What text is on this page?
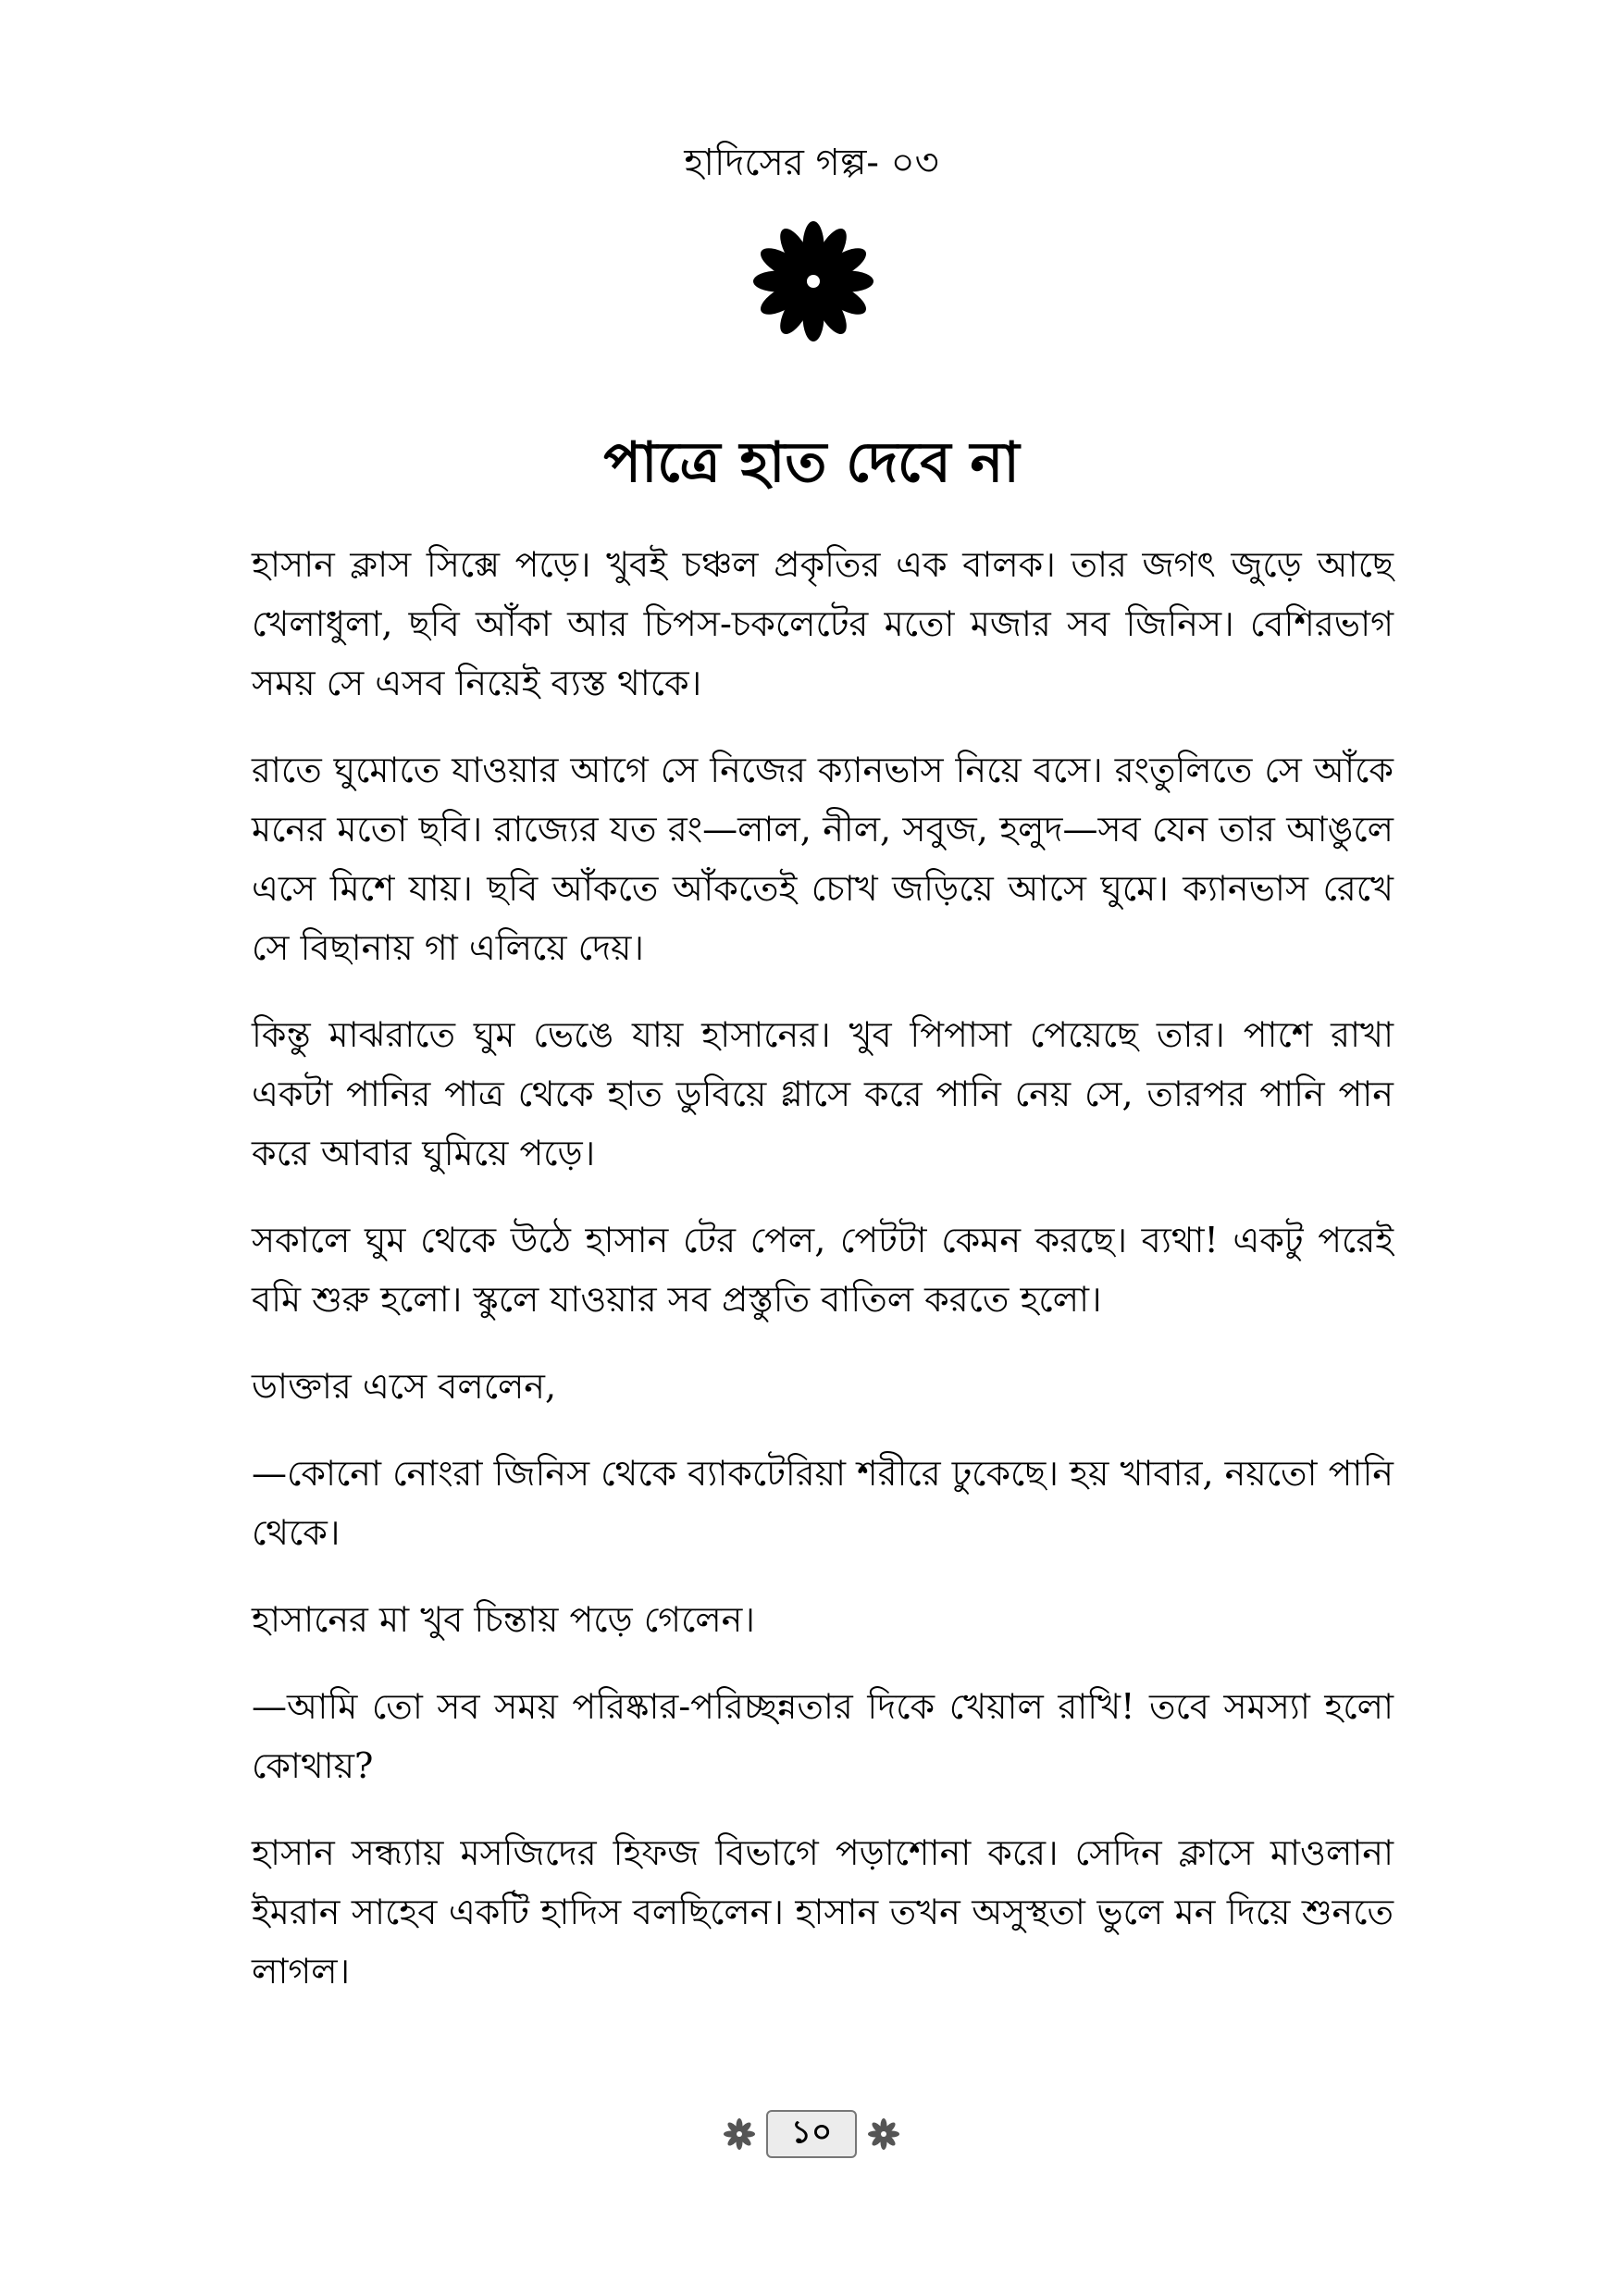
হাদিসের গল্প- ০৩
পাত্রে হাত দেবে না

হাসান ক্লাস সিক্সে পড়ে। খুবই চঞ্চল প্রকৃতির এক বালক। তার জগৎ জুড়ে আছে খেলাধুলা, ছবি আঁকা আর চিপস-চকলেটের মতো মজার সব জিনিস। বেশিরভাগ সময় সে এসব নিয়েই ব্যস্ত থাকে।

রাতে ঘুমোতে যাওয়ার আগে সে নিজের ক্যানভাস নিয়ে বসে। রংতুলিতে সে আঁকে মনের মতো ছবি। রাজ্যের যত রং—লাল, নীল, সবুজ, হলুদ—সব যেন তার আঙুলে এসে মিশে যায়। ছবি আঁকতে আঁকতেই চোখ জড়িয়ে আসে ঘুমে। ক্যানভাস রেখে সে বিছানায় গা এলিয়ে দেয়।

কিন্তু মাঝরাতে ঘুম ভেঙে যায় হাসানের। খুব পিপাসা পেয়েছে তার। পাশে রাখা একটা পানির পাত্র থেকে হাত ডুবিয়ে গ্লাসে করে পানি নেয় সে, তারপর পানি পান করে আবার ঘুমিয়ে পড়ে।

সকালে ঘুম থেকে উঠে হাসান টের পেল, পেটটা কেমন করছে। ব্যথা! একটু পরেই বমি শুরু হলো। স্কুলে যাওয়ার সব প্রস্তুতি বাতিল করতে হলো।

ডাক্তার এসে বললেন,

—কোনো নোংরা জিনিস থেকে ব্যাকটেরিয়া শরীরে ঢুকেছে। হয় খাবার, নয়তো পানি থেকে।

হাসানের মা খুব চিন্তায় পড়ে গেলেন।

—আমি তো সব সময় পরিষ্কার-পরিচ্ছন্নতার দিকে খেয়াল রাখি! তবে সমস্যা হলো কোথায়?

হাসান সন্ধ্যায় মসজিদের হিফজ বিভাগে পড়াশোনা করে। সেদিন ক্লাসে মাওলানা ইমরান সাহেব একটি হাদিস বলছিলেন। হাসান তখন অসুস্থতা ভুলে মন দিয়ে শুনতে লাগল।

১০
